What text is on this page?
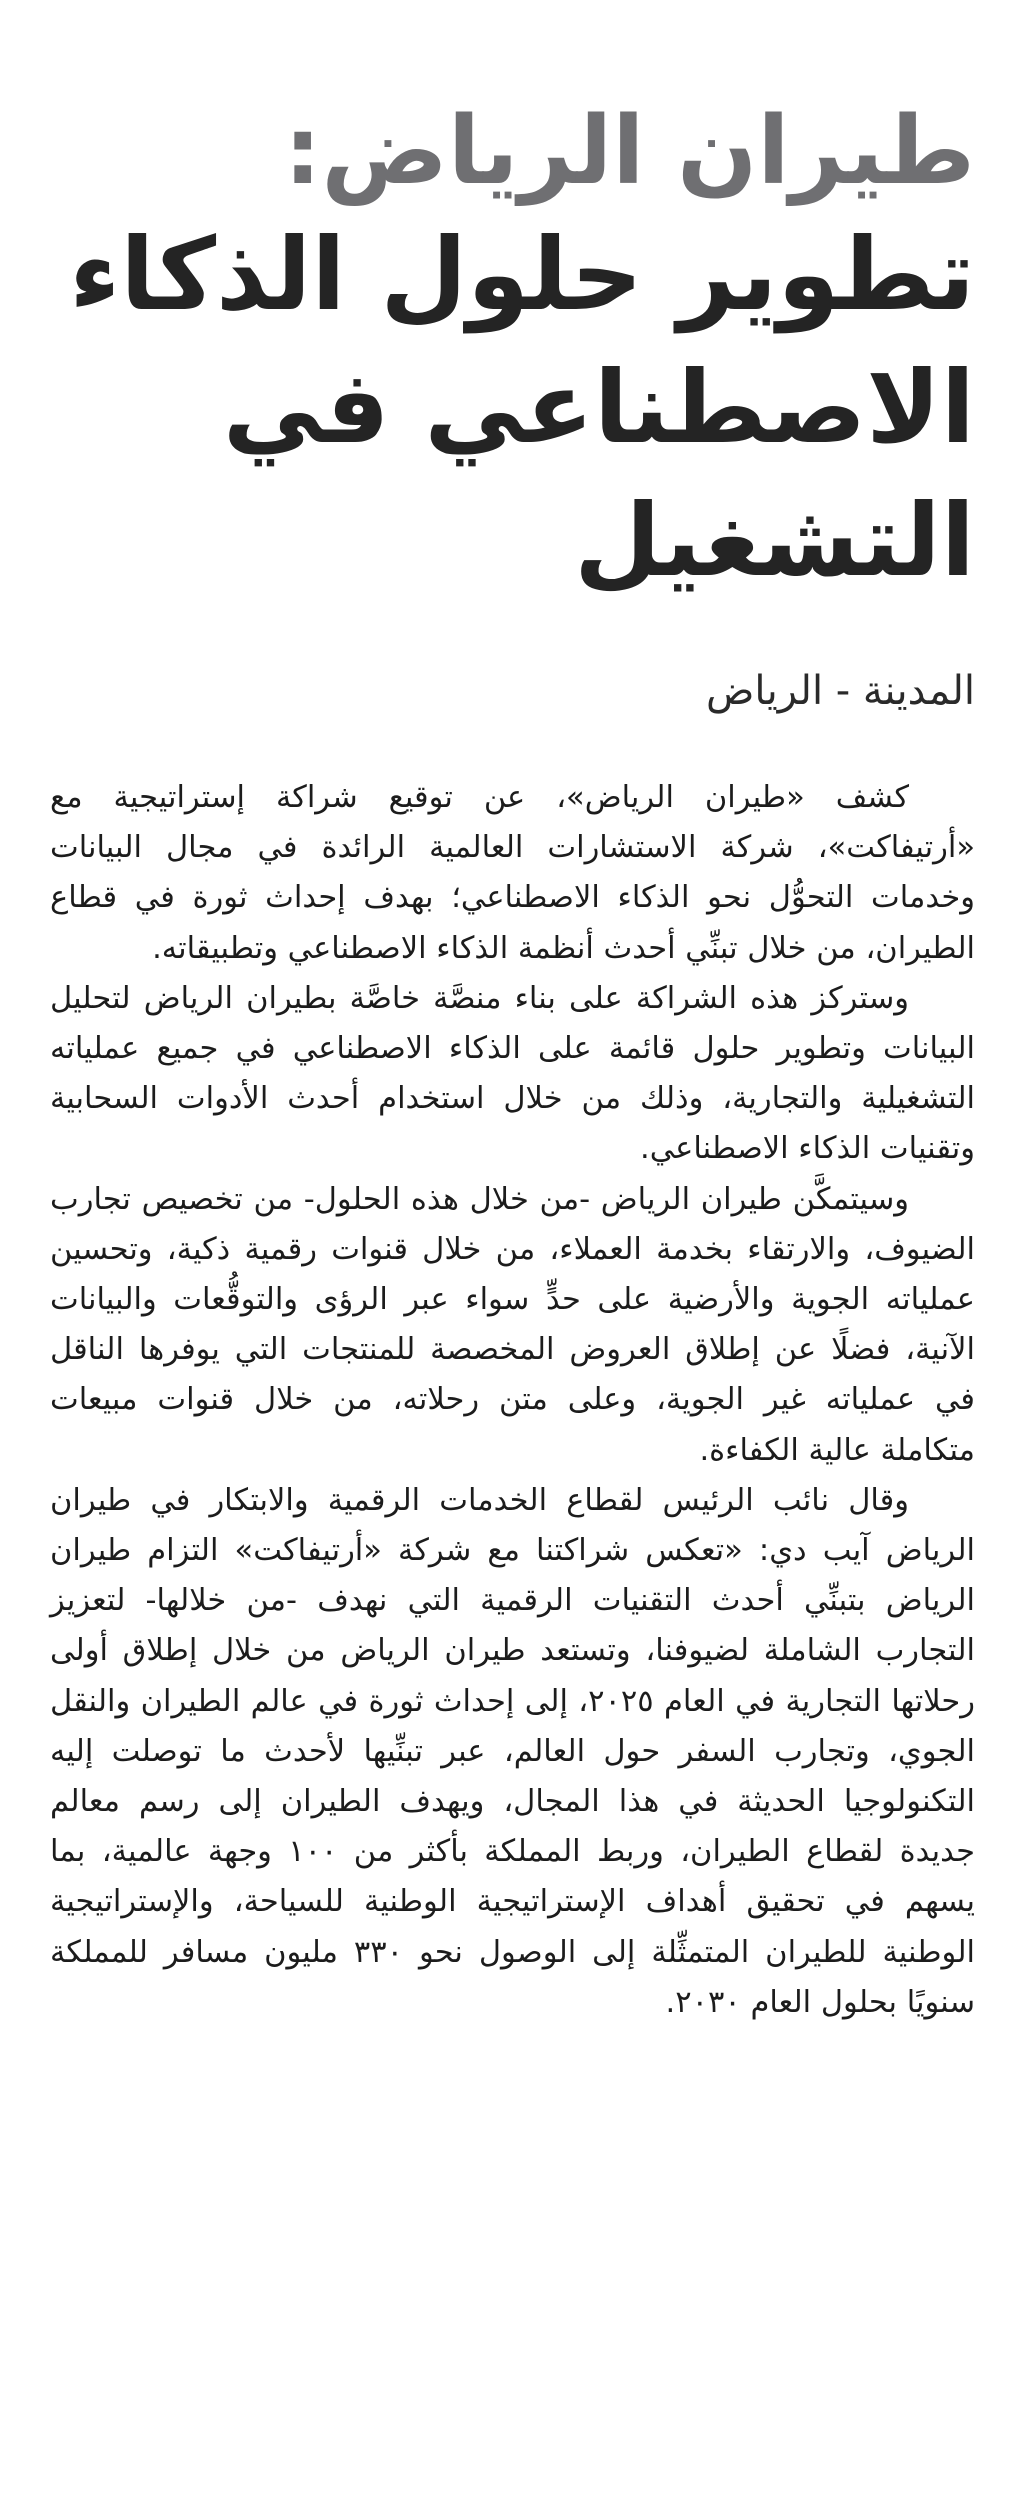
طيران الرياض:
تطوير حلول الذكاء الاصطناعي في التشغيل
المدينة - الرياض

كشف «طيران الرياض»، عن توقيع شراكة إستراتيجية مع «أرتيفاكت»، شركة الاستشارات العالمية الرائدة في مجال البيانات وخدمات التحوُّل نحو الذكاء الاصطناعي؛ بهدف إحداث ثورة في قطاع الطيران، من خلال تبنِّي أحدث أنظمة الذكاء الاصطناعي وتطبيقاته.

وستركز هذه الشراكة على بناء منصَّة خاصَّة بطيران الرياض لتحليل البيانات وتطوير حلول قائمة على الذكاء الاصطناعي في جميع عملياته التشغيلية والتجارية، وذلك من خلال استخدام أحدث الأدوات السحابية وتقنيات الذكاء الاصطناعي.

وسيتمكَّن طيران الرياض -من خلال هذه الحلول- من تخصيص تجارب الضيوف، والارتقاء بخدمة العملاء، من خلال قنوات رقمية ذكية، وتحسين عملياته الجوية والأرضية على حدٍّ سواء عبر الرؤى والتوقُّعات والبيانات الآنية، فضلًا عن إطلاق العروض المخصصة للمنتجات التي يوفرها الناقل في عملياته غير الجوية، وعلى متن رحلاته، من خلال قنوات مبيعات متكاملة عالية الكفاءة.

وقال نائب الرئيس لقطاع الخدمات الرقمية والابتكار في طيران الرياض آيب دي: «تعكس شراكتنا مع شركة «أرتيفاكت» التزام طيران الرياض بتبنِّي أحدث التقنيات الرقمية التي نهدف -من خلالها- لتعزيز التجارب الشاملة لضيوفنا، وتستعد طيران الرياض من خلال إطلاق أولى رحلاتها التجارية في العام ٢٠٢٥، إلى إحداث ثورة في عالم الطيران والنقل الجوي، وتجارب السفر حول العالم، عبر تبنِّيها لأحدث ما توصلت إليه التكنولوجيا الحديثة في هذا المجال، ويهدف الطيران إلى رسم معالم جديدة لقطاع الطيران، وربط المملكة بأكثر من ١٠٠ وجهة عالمية، بما يسهم في تحقيق أهداف الإستراتيجية الوطنية للسياحة، والإستراتيجية الوطنية للطيران المتمثِّلة إلى الوصول نحو ٣٣٠ مليون مسافر للمملكة سنويًا بحلول العام ٢٠٣٠.
